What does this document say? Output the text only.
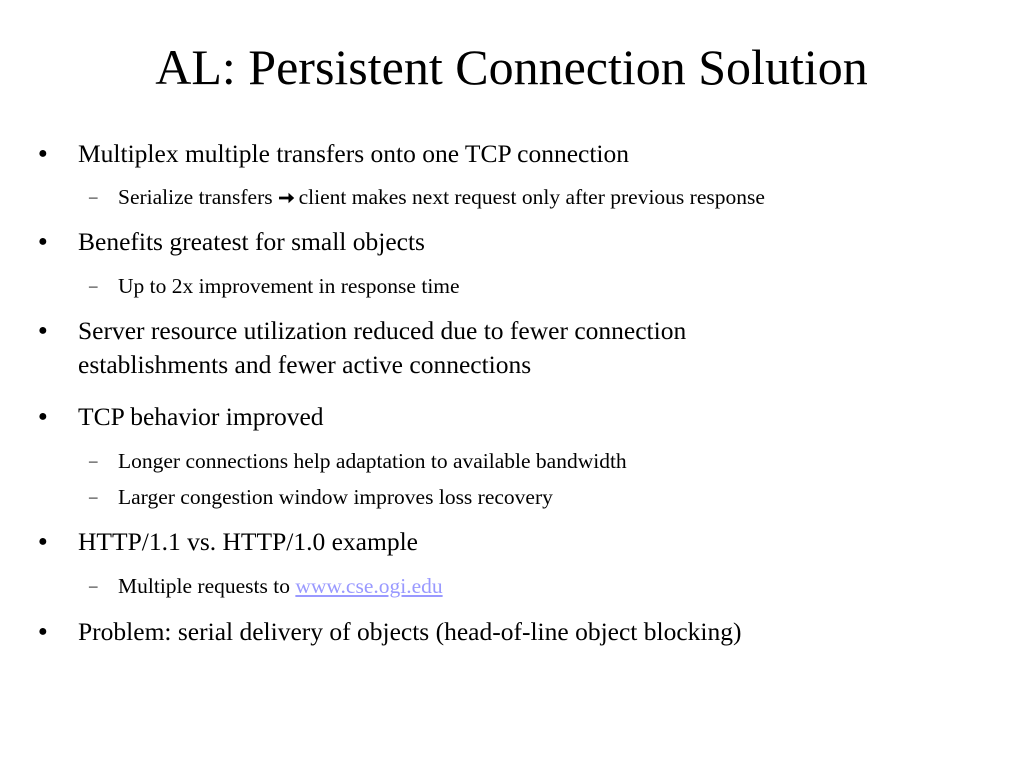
AL: Persistent Connection Solution
● Multiplex multiple transfers onto one TCP connection
– Serialize transfers client makes next request only after previous response
● Benefits greatest for small objects
– Up to 2x improvement in response time
● Server resource utilization reduced due to fewer connection
establishments and fewer active connections
● TCP behavior improved
– Longer connections help adaptation to available bandwidth
– Larger congestion window improves loss recovery
● HTTP/1.1 vs. HTTP/1.0 example
– Multiple requests to www.cse.ogi.edu
● Problem: serial delivery of objects (head-of-line object blocking)
